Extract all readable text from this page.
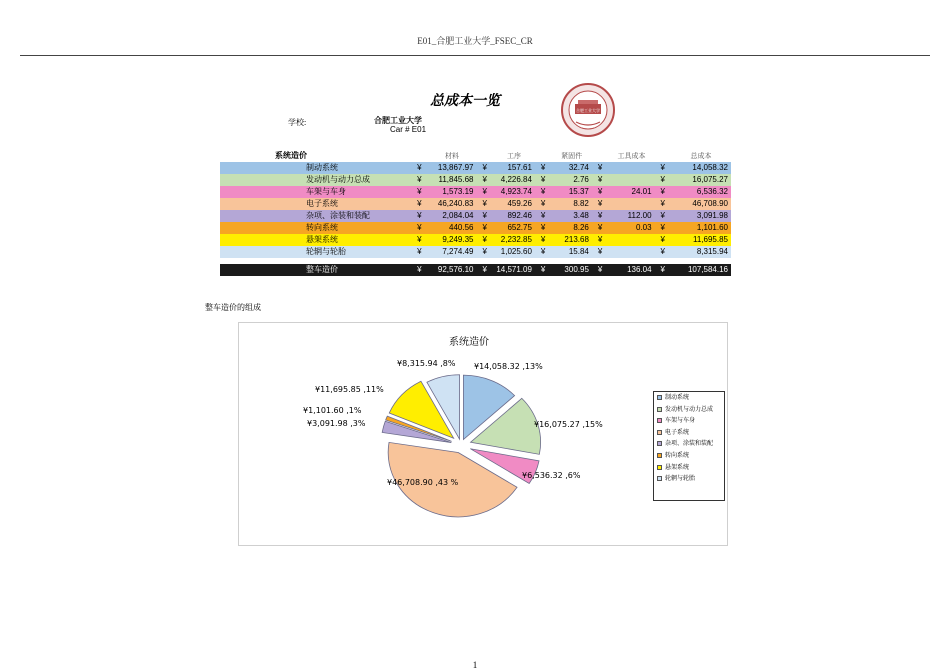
E01_合肥工业大学_FSEC_CR
总成本一览
合肥工业大学
学校:	合肥工业大学
Car # E01
系统造价		材料		工序		紧固件		工具成本		总成本
制动系统	¥	13,867.97	¥	157.61	¥	32.74	¥		¥	14,058.32
发动机与动力总成	¥	11,845.68	¥	4,226.84	¥	2.76	¥		¥	16,075.27
车架与车身	¥	1,573.19	¥	4,923.74	¥	15.37	¥	24.01	¥	6,536.32
电子系统	¥	46,240.83	¥	459.26	¥	8.82	¥		¥	46,708.90
杂项、涂装和装配	¥	2,084.04	¥	892.46	¥	3.48	¥	112.00	¥	3,091.98
转向系统	¥	440.56	¥	652.75	¥	8.26	¥	0.03	¥	1,101.60
悬架系统	¥	9,249.35	¥	2,232.85	¥	213.68	¥		¥	11,695.85
轮辋与轮胎	¥	7,274.49	¥	1,025.60	¥	15.84	¥		¥	8,315.94

整车造价	¥	92,576.10	¥	14,571.09	¥	300.95	¥	136.04	¥	107,584.16
整车造价的组成
系统造价
¥14,058.32 ,13%
¥16,075.27 ,15%
¥6,536.32 ,6%
¥46,708.90 ,43 %
¥3,091.98 ,3%
¥1,101.60 ,1%
¥11,695.85 ,11%
¥8,315.94 ,8%
制动系统
发动机与动力总成
车架与车身
电子系统
杂项、涂装和装配
转向系统
悬架系统
轮辋与轮胎
1
